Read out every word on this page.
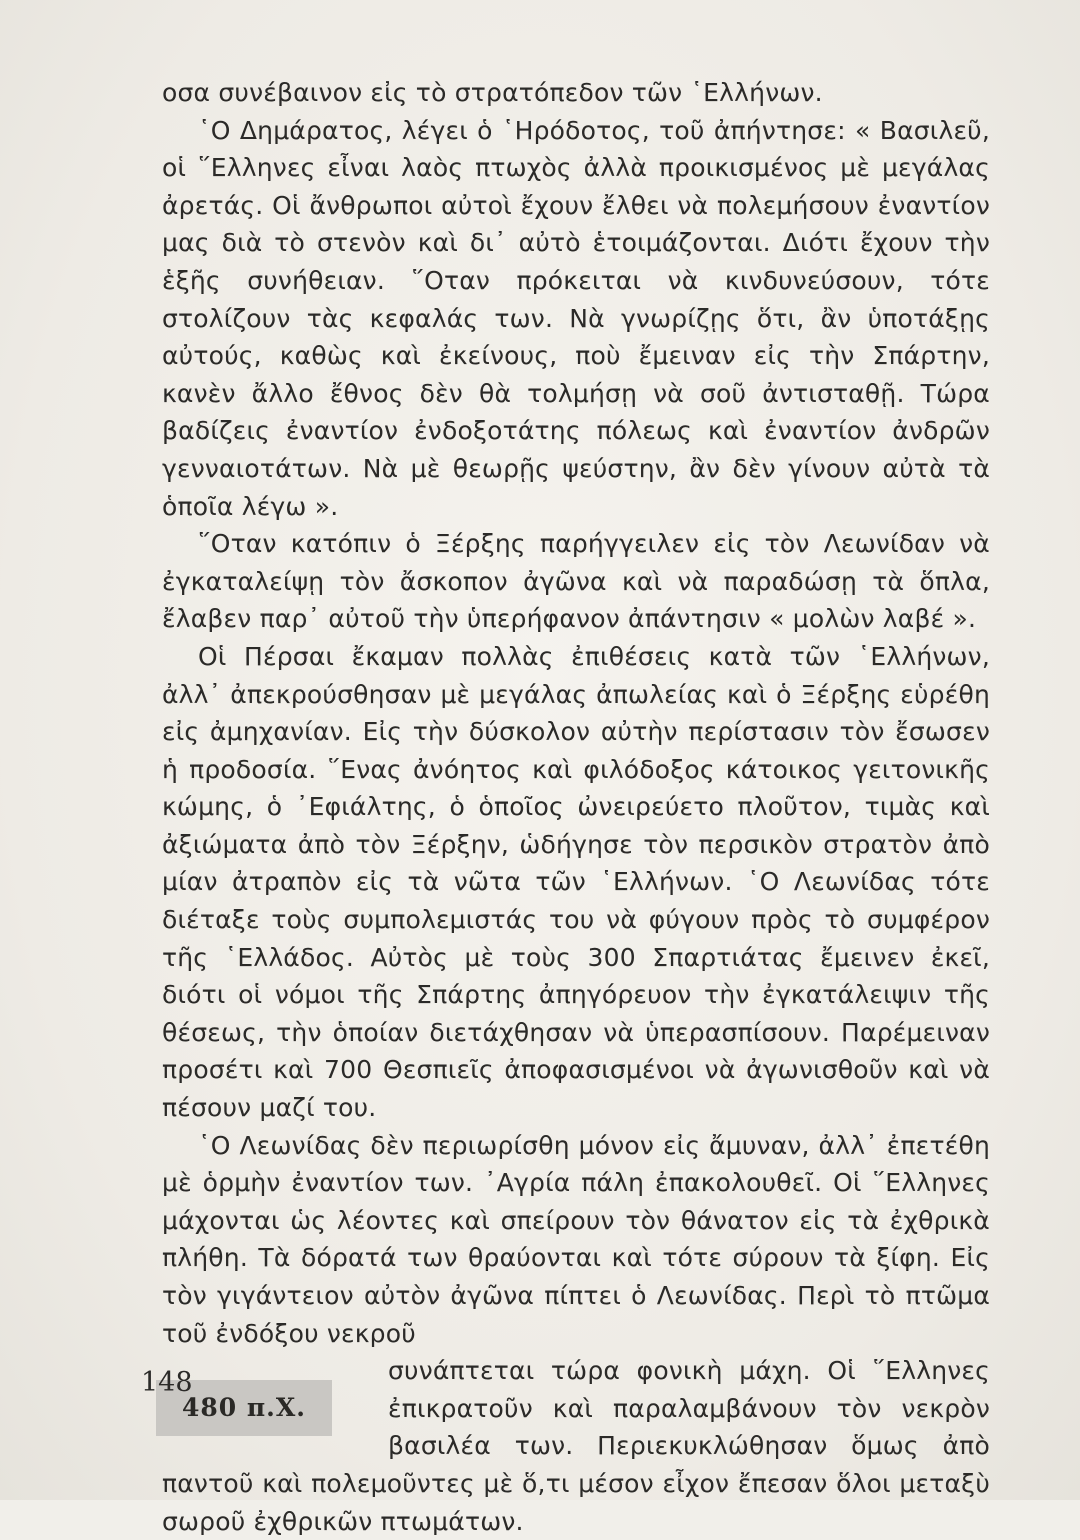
οσα συνέβαινον εἰς τὸ στρατόπεδον τῶν ῾Ελλήνων.

῾Ο Δημάρατος, λέγει ὁ ῾Ηρόδοτος, τοῦ ἀπήντησε: « Βασιλεῦ, οἱ ῞Ελληνες εἶναι λαὸς πτωχὸς ἀλλὰ προικισμένος μὲ μεγάλας ἀρετάς. Οἱ ἄνθρωποι αὐτοὶ ἔχουν ἔλθει νὰ πολεμήσουν ἐναντίον μας διὰ τὸ στενὸν καὶ δι᾿ αὐτὸ ἑτοιμάζονται. Διότι ἔχουν τὴν ἑξῆς συνήθειαν. ῞Οταν πρόκειται νὰ κινδυνεύσουν, τότε στολίζουν τὰς κεφαλάς των. Νὰ γνωρίζῃς ὅτι, ἂν ὑποτάξῃς αὐτούς, καθὼς καὶ ἐκείνους, ποὺ ἔμειναν εἰς τὴν Σπάρτην, κανὲν ἄλλο ἔθνος δὲν θὰ τολμήσῃ νὰ σοῦ ἀντισταθῇ. Τώρα βαδίζεις ἐναντίον ἐνδοξοτάτης πόλεως καὶ ἐναντίον ἀνδρῶν γενναιοτάτων. Νὰ μὲ θεωρῇς ψεύστην, ἂν δὲν γίνουν αὐτὰ τὰ ὁποῖα λέγω ».

῞Οταν κατόπιν ὁ Ξέρξης παρήγγειλεν εἰς τὸν Λεωνίδαν νὰ ἐγκαταλείψῃ τὸν ἄσκοπον ἀγῶνα καὶ νὰ παραδώσῃ τὰ ὅπλα, ἔλαβεν παρ᾿ αὐτοῦ τὴν ὑπερήφανον ἀπάντησιν « μολὼν λαβέ ».

Οἱ Πέρσαι ἔκαμαν πολλὰς ἐπιθέσεις κατὰ τῶν ῾Ελλήνων, ἀλλ᾿ ἀπεκρούσθησαν μὲ μεγάλας ἀπωλείας καὶ ὁ Ξέρξης εὑρέθη εἰς ἀμηχανίαν. Εἰς τὴν δύσκολον αὐτὴν περίστασιν τὸν ἔσωσεν ἡ προδοσία. ῞Ενας ἀνόητος καὶ φιλόδοξος κάτοικος γειτονικῆς κώμης, ὁ ᾿Εφιάλτης, ὁ ὁποῖος ὠνειρεύετο πλοῦτον, τιμὰς καὶ ἀξιώματα ἀπὸ τὸν Ξέρξην, ὡδήγησε τὸν περσικὸν στρατὸν ἀπὸ μίαν ἀτραπὸν εἰς τὰ νῶτα τῶν ῾Ελλήνων. ῾Ο Λεωνίδας τότε διέταξε τοὺς συμπολεμιστάς του νὰ φύγουν πρὸς τὸ συμφέρον τῆς ῾Ελλάδος. Αὐτὸς μὲ τοὺς 300 Σπαρτιάτας ἔμεινεν ἐκεῖ, διότι οἱ νόμοι τῆς Σπάρτης ἀπηγόρευον τὴν ἐγκατάλειψιν τῆς θέσεως, τὴν ὁποίαν διετάχθησαν νὰ ὑπερασπίσουν. Παρέμειναν προσέτι καὶ 700 Θεσπιεῖς ἀποφασισμένοι νὰ ἀγωνισθοῦν καὶ νὰ πέσουν μαζί του.

῾Ο Λεωνίδας δὲν περιωρίσθη μόνον εἰς ἄμυναν, ἀλλ᾿ ἐπετέθη μὲ ὁρμὴν ἐναντίον των. ᾿Αγρία πάλη ἐπακολουθεῖ. Οἱ ῞Ελληνες μάχονται ὡς λέοντες καὶ σπείρουν τὸν θάνατον εἰς τὰ ἐχθρικὰ πλήθη. Τὰ δόρατά των θραύονται καὶ τότε σύρουν τὰ ξίφη. Εἰς τὸν γιγάντειον αὐτὸν ἀγῶνα πίπτει ὁ Λεωνίδας. Περὶ τὸ πτῶμα τοῦ ἐνδόξου νεκροῦ

480 π.Χ.
συνάπτεται τώρα φονικὴ μάχη. Οἱ ῞Ελληνες ἐπικρατοῦν καὶ παραλαμβάνουν τὸν νεκρὸν βασιλέα των. Περιεκυκλώθησαν ὅμως ἀπὸ παντοῦ καὶ πολεμοῦντες μὲ ὅ,τι μέσον εἶχον ἔπεσαν ὅλοι μεταξὺ σωροῦ ἐχθρικῶν πτωμάτων.
148
